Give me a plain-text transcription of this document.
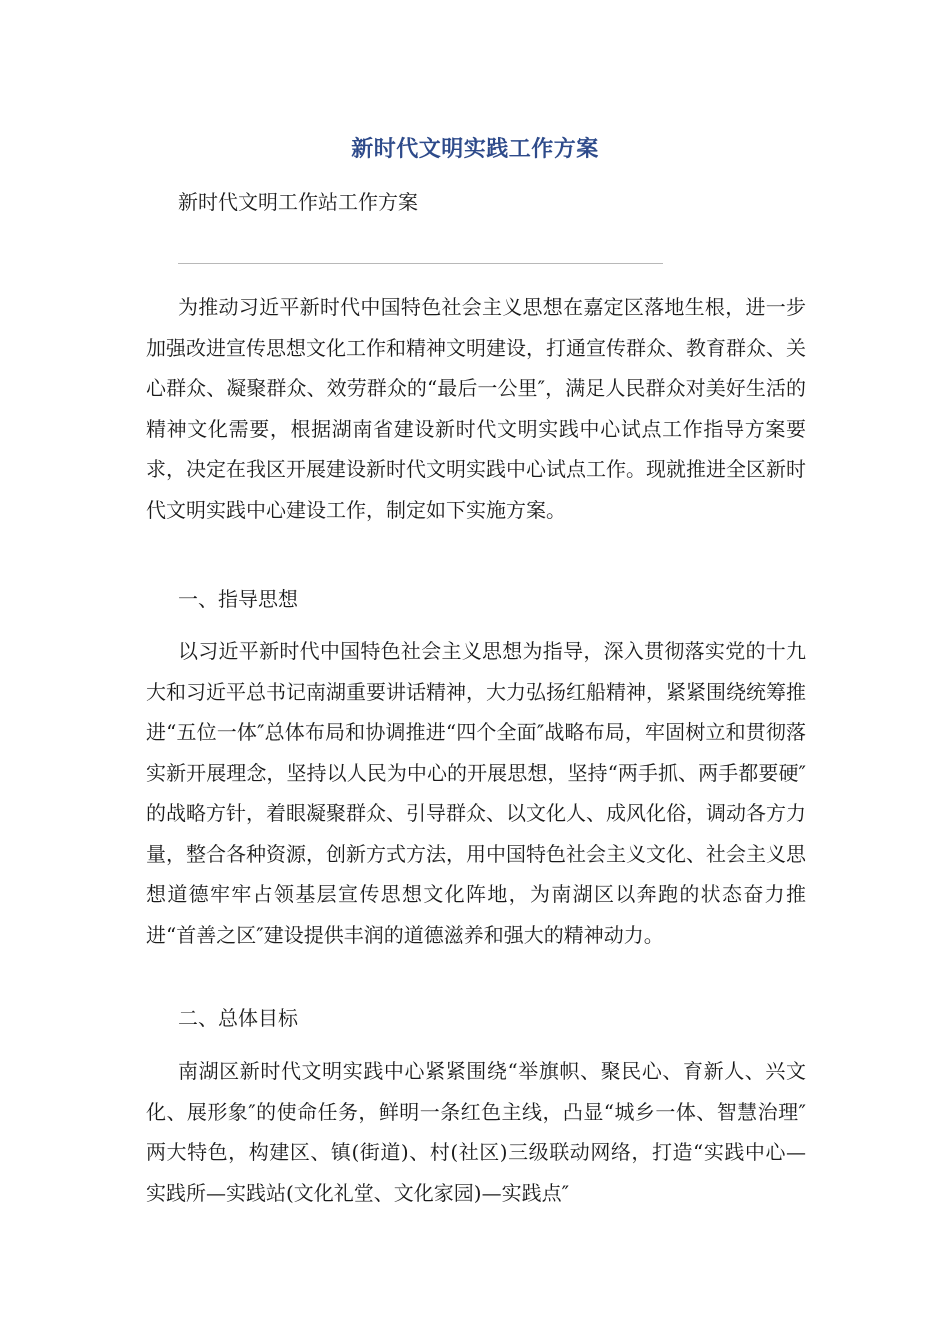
新时代文明实践工作方案

新时代文明工作站工作方案

为推动习近平新时代中国特色社会主义思想在嘉定区落地生根，进一步加强改进宣传思想文化工作和精神文明建设，打通宣传群众、教育群众、关心群众、凝聚群众、效劳群众的“最后一公里″，满足人民群众对美好生活的精神文化需要，根据湖南省建设新时代文明实践中心试点工作指导方案要求，决定在我区开展建设新时代文明实践中心试点工作。现就推进全区新时代文明实践中心建设工作，制定如下实施方案。

一、指导思想

以习近平新时代中国特色社会主义思想为指导，深入贯彻落实党的十九大和习近平总书记南湖重要讲话精神，大力弘扬红船精神，紧紧围绕统筹推进“五位一体″总体布局和协调推进“四个全面″战略布局，牢固树立和贯彻落实新开展理念，坚持以人民为中心的开展思想，坚持“两手抓、两手都要硬″的战略方针，着眼凝聚群众、引导群众、以文化人、成风化俗，调动各方力量，整合各种资源，创新方式方法，用中国特色社会主义文化、社会主义思想道德牢牢占领基层宣传思想文化阵地，为南湖区以奔跑的状态奋力推进“首善之区″建设提供丰润的道德滋养和强大的精神动力。

二、总体目标

南湖区新时代文明实践中心紧紧围绕“举旗帜、聚民心、育新人、兴文化、展形象″的使命任务，鲜明一条红色主线，凸显“城乡一体、智慧治理″两大特色，构建区、镇(街道)、村(社区)三级联动网络，打造“实践中心—实践所—实践站(文化礼堂、文化家园)—实践点″
